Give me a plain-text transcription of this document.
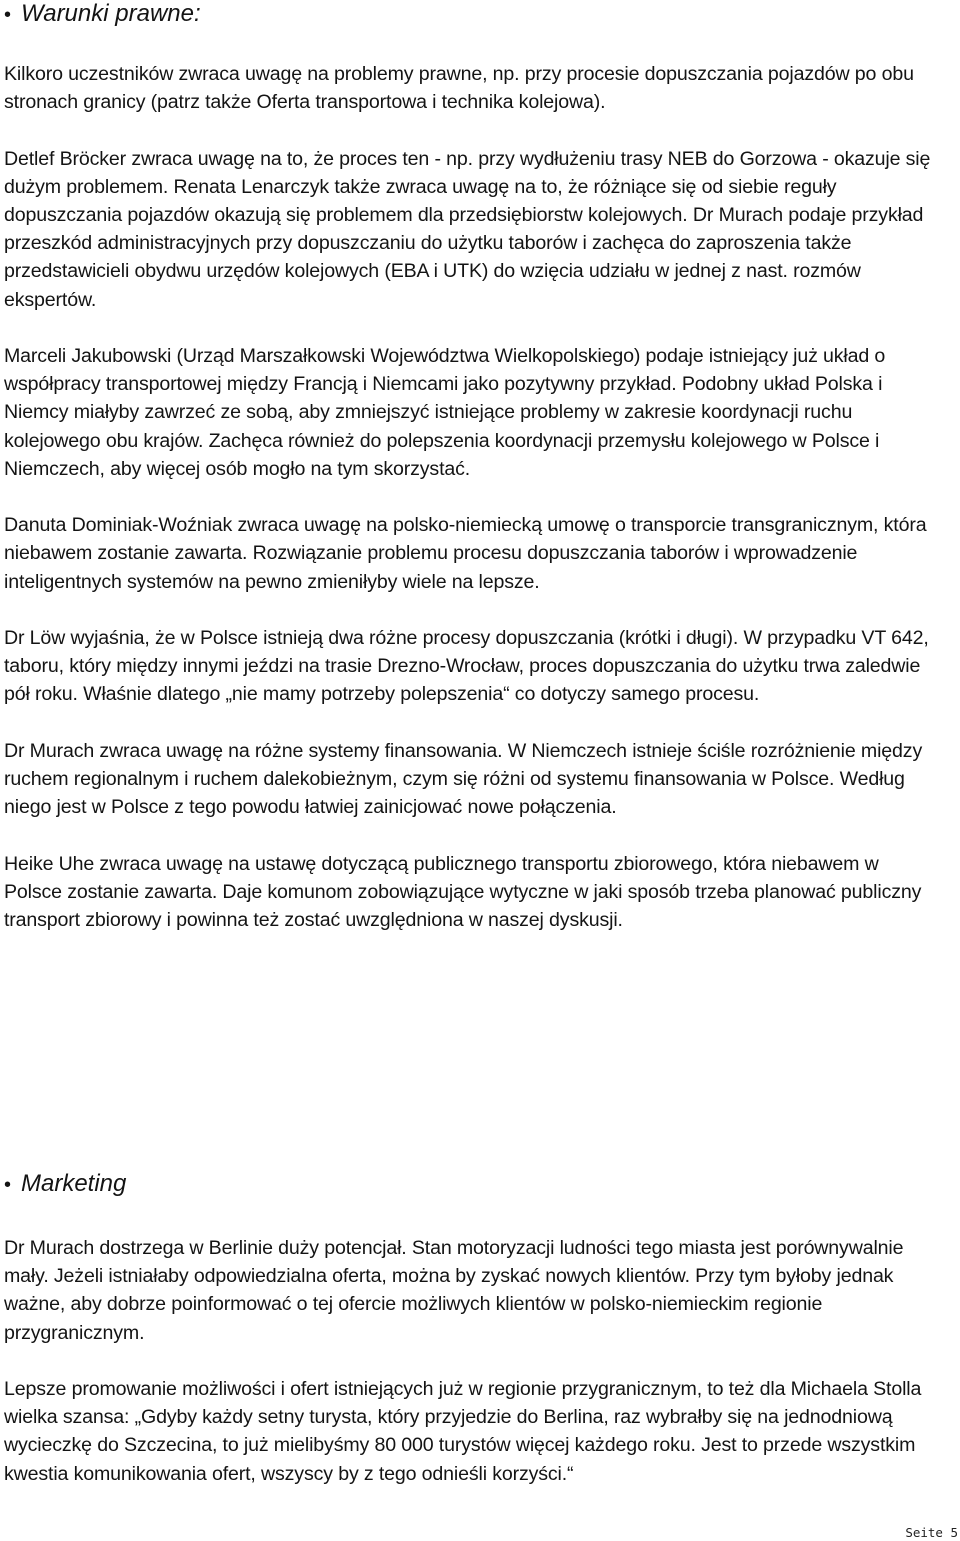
• Warunki prawne:

Kilkoro uczestników zwraca uwagę na problemy prawne, np. przy procesie dopuszczania pojazdów po obu stronach granicy (patrz także Oferta transportowa i technika kolejowa).

Detlef Bröcker zwraca uwagę na to, że proces ten - np. przy wydłużeniu trasy NEB do Gorzowa - okazuje się dużym problemem. Renata Lenarczyk także zwraca uwagę na to, że różniące się od siebie reguły dopuszczania pojazdów okazują się problemem dla przedsiębiorstw kolejowych. Dr Murach podaje przykład przeszkód administracyjnych przy dopuszczaniu do użytku taborów i zachęca do zaproszenia także przedstawicieli obydwu urzędów kolejowych (EBA i UTK) do wzięcia udziału w jednej z nast. rozmów ekspertów.

Marceli Jakubowski (Urząd Marszałkowski Województwa Wielkopolskiego) podaje istniejący już układ o współpracy transportowej między Francją i Niemcami jako pozytywny przykład. Podobny układ Polska i Niemcy miałyby zawrzeć ze sobą, aby zmniejszyć istniejące problemy w zakresie koordynacji ruchu kolejowego obu krajów. Zachęca również do polepszenia koordynacji przemysłu kolejowego w Polsce i Niemczech, aby więcej osób mogło na tym skorzystać.

Danuta Dominiak-Woźniak zwraca uwagę na polsko-niemiecką umowę o transporcie transgranicznym, która niebawem zostanie zawarta. Rozwiązanie problemu procesu dopuszczania taborów i wprowadzenie inteligentnych systemów na pewno zmieniłyby wiele na lepsze.

Dr Löw wyjaśnia, że w Polsce istnieją dwa różne procesy dopuszczania (krótki i długi). W przypadku VT 642, taboru, który między innymi jeździ na trasie Drezno-Wrocław, proces dopuszczania do użytku trwa zaledwie pół roku. Właśnie dlatego „nie mamy potrzeby polepszenia“ co dotyczy samego procesu.

Dr Murach zwraca uwagę na różne systemy finansowania. W Niemczech istnieje ściśle rozróżnienie między ruchem regionalnym i ruchem dalekobieżnym, czym się różni od systemu finansowania w Polsce. Według niego jest w Polsce z tego powodu łatwiej zainicjować nowe połączenia.

Heike Uhe zwraca uwagę na ustawę dotyczącą publicznego transportu zbiorowego, która niebawem w Polsce zostanie zawarta. Daje komunom zobowiązujące wytyczne w jaki sposób trzeba planować publiczny transport zbiorowy i powinna też zostać uwzględniona w naszej dyskusji.

• Marketing

Dr Murach dostrzega w Berlinie duży potencjał. Stan motoryzacji ludności tego miasta jest porównywalnie mały. Jeżeli istniałaby odpowiedzialna oferta, można by zyskać nowych klientów. Przy tym byłoby jednak ważne, aby dobrze poinformować o tej ofercie możliwych klientów w polsko-niemieckim regionie przygranicznym.

Lepsze promowanie możliwości i ofert istniejących już w regionie przygranicznym, to też dla Michaela Stolla wielka szansa: „Gdyby każdy setny turysta, który przyjedzie do Berlina, raz wybrałby się na jednodniową wycieczkę do Szczecina, to już mielibyśmy 80 000 turystów więcej każdego roku. Jest to przede wszystkim kwestia komunikowania ofert, wszyscy by z tego odnieśli korzyści.“

Seite 5
